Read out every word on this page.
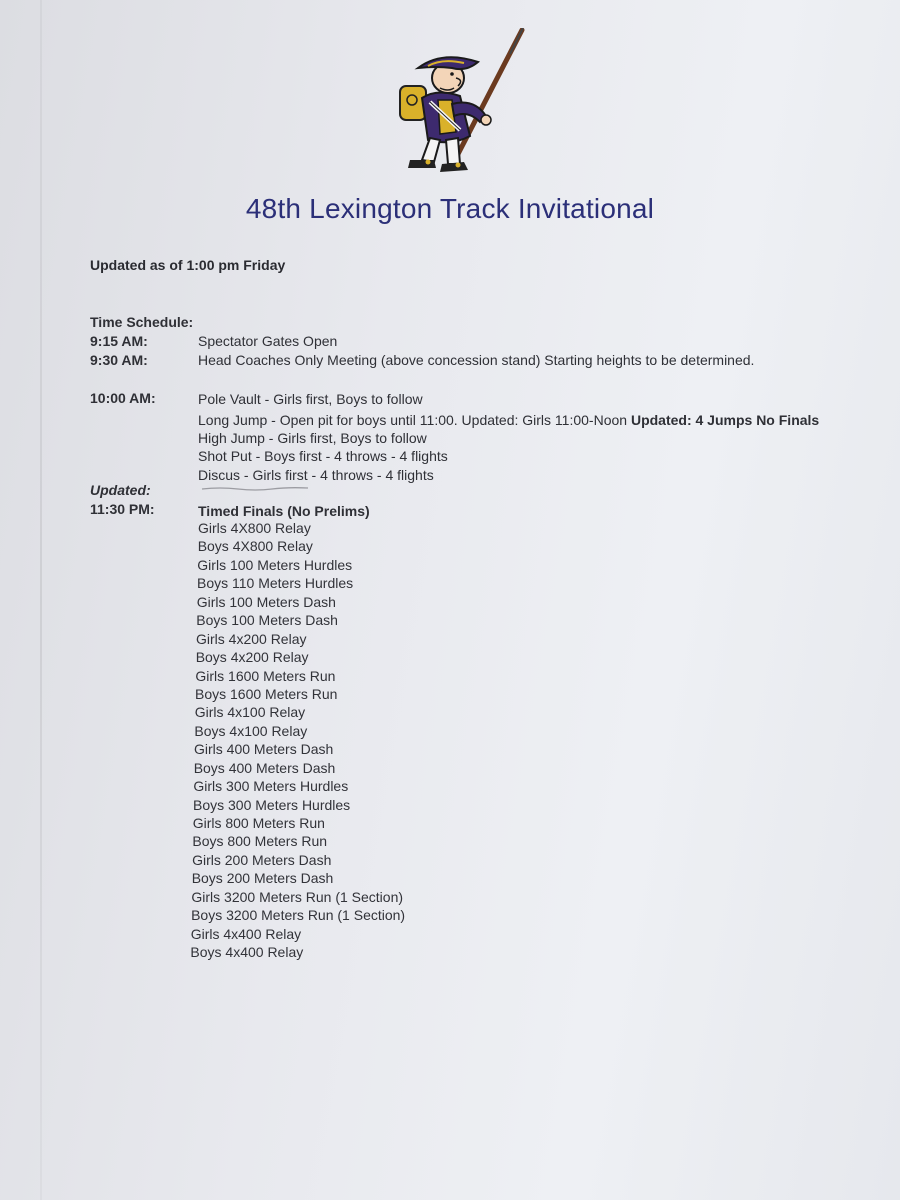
48th Lexington Track Invitational
Updated as of 1:00 pm Friday
Time Schedule:
9:15 AM:	Spectator Gates Open
9:30 AM:	Head Coaches Only Meeting (above concession stand) Starting heights to be determined.
10:00 AM:	Pole Vault - Girls first, Boys to follow
Long Jump - Open pit for boys until 11:00. Updated: Girls 11:00-Noon Updated: 4 Jumps No Finals
High Jump - Girls first, Boys to follow
Shot Put - Boys first - 4 throws - 4 flights
Discus - Girls first - 4 throws - 4 flights
Updated:
11:30 PM:	Timed Finals (No Prelims)
Girls 4X800 Relay
Boys 4X800 Relay
Girls 100 Meters Hurdles
Boys 110 Meters Hurdles
Girls 100 Meters Dash
Boys 100 Meters Dash
Girls 4x200 Relay
Boys 4x200 Relay
Girls 1600 Meters Run
Boys 1600 Meters Run
Girls 4x100 Relay
Boys 4x100 Relay
Girls 400 Meters Dash
Boys 400 Meters Dash
Girls 300 Meters Hurdles
Boys 300 Meters Hurdles
Girls 800 Meters Run
Boys 800 Meters Run
Girls 200 Meters Dash
Boys 200 Meters Dash
Girls 3200 Meters Run (1 Section)
Boys 3200 Meters Run (1 Section)
Girls 4x400 Relay
Boys 4x400 Relay
